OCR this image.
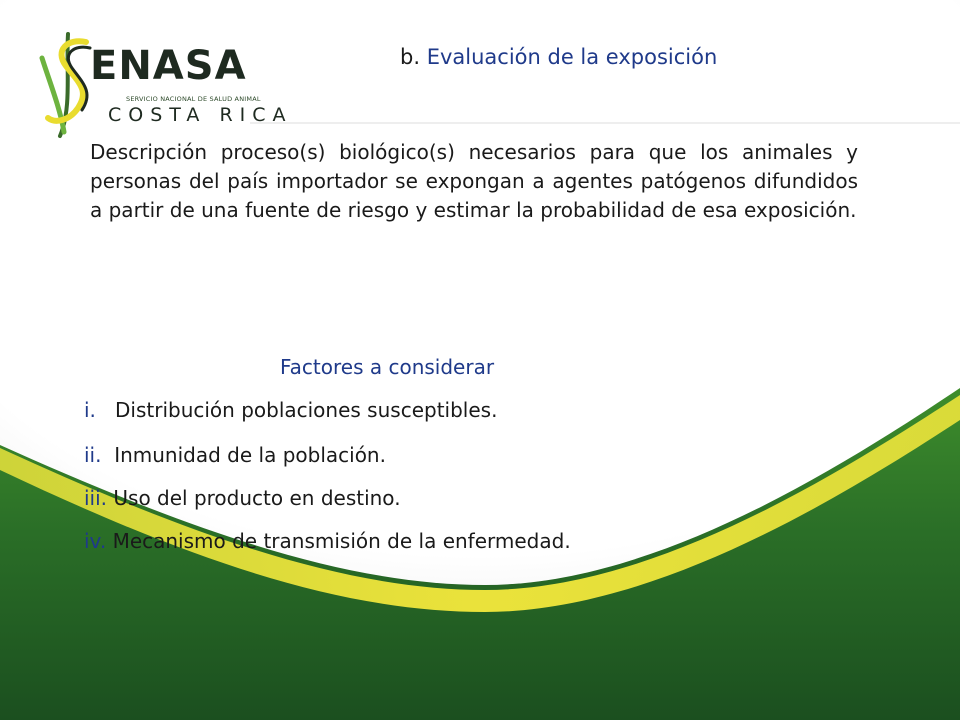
ENASA
SERVICIO NACIONAL DE SALUD ANIMAL
COSTA RICA
b. Evaluación de la exposición
Descripción proceso(s) biológico(s) necesarios para que los animales y personas del país importador se expongan a agentes patógenos difundidos a partir de una fuente de riesgo y estimar la probabilidad de esa exposición.
Factores a considerar
i. Distribución poblaciones susceptibles.
ii. Inmunidad de la población.
iii. Uso del producto en destino.
iv. Mecanismo de transmisión de la enfermedad.
